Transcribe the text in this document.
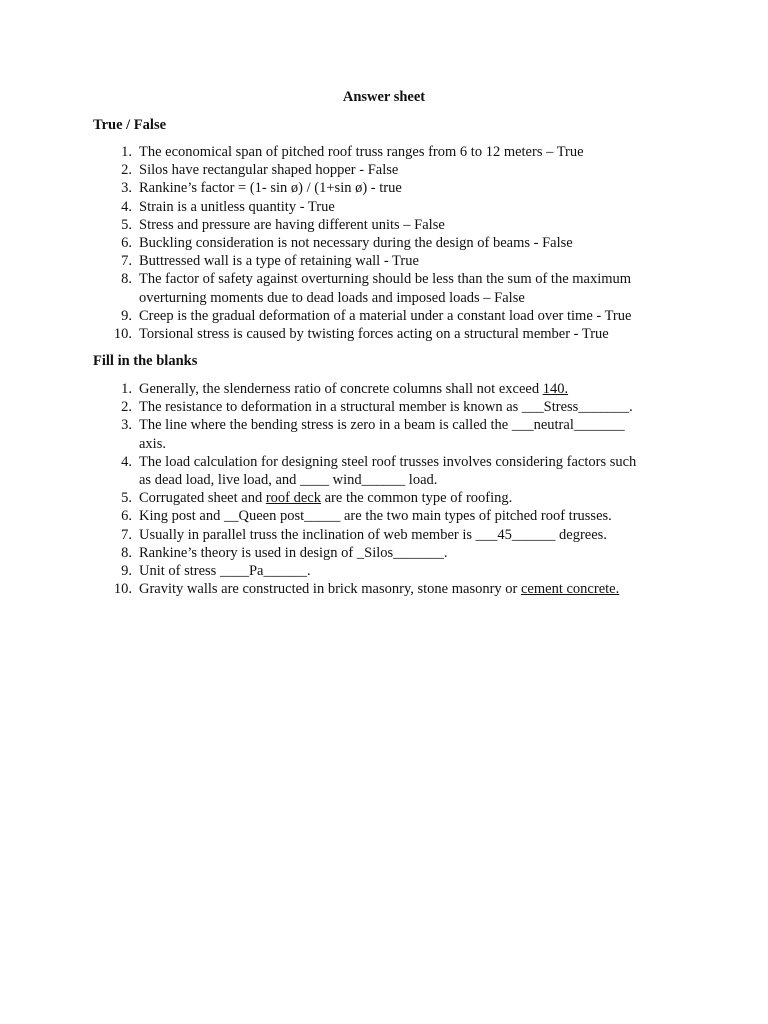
Answer sheet
True / False
1. The economical span of pitched roof truss ranges from 6 to 12 meters – True
2. Silos have rectangular shaped hopper - False
3. Rankine’s factor = (1- sin ø) / (1+sin ø) - true
4. Strain is a unitless quantity - True
5. Stress and pressure are having different units – False
6. Buckling consideration is not necessary during the design of beams - False
7. Buttressed wall is a type of retaining wall - True
8. The factor of safety against overturning should be less than the sum of the maximum
overturning moments due to dead loads and imposed loads – False
9. Creep is the gradual deformation of a material under a constant load over time - True
10. Torsional stress is caused by twisting forces acting on a structural member - True
Fill in the blanks
1. Generally, the slenderness ratio of concrete columns shall not exceed 140.
2. The resistance to deformation in a structural member is known as ___Stress_______.
3. The line where the bending stress is zero in a beam is called the ___neutral_______
axis.
4. The load calculation for designing steel roof trusses involves considering factors such
as dead load, live load, and ____ wind______ load.
5. Corrugated sheet and roof deck are the common type of roofing.
6. King post and __Queen post_____ are the two main types of pitched roof trusses.
7. Usually in parallel truss the inclination of web member is ___45______ degrees.
8. Rankine’s theory is used in design of _Silos_______.
9. Unit of stress ____Pa______.
10. Gravity walls are constructed in brick masonry, stone masonry or cement concrete.
